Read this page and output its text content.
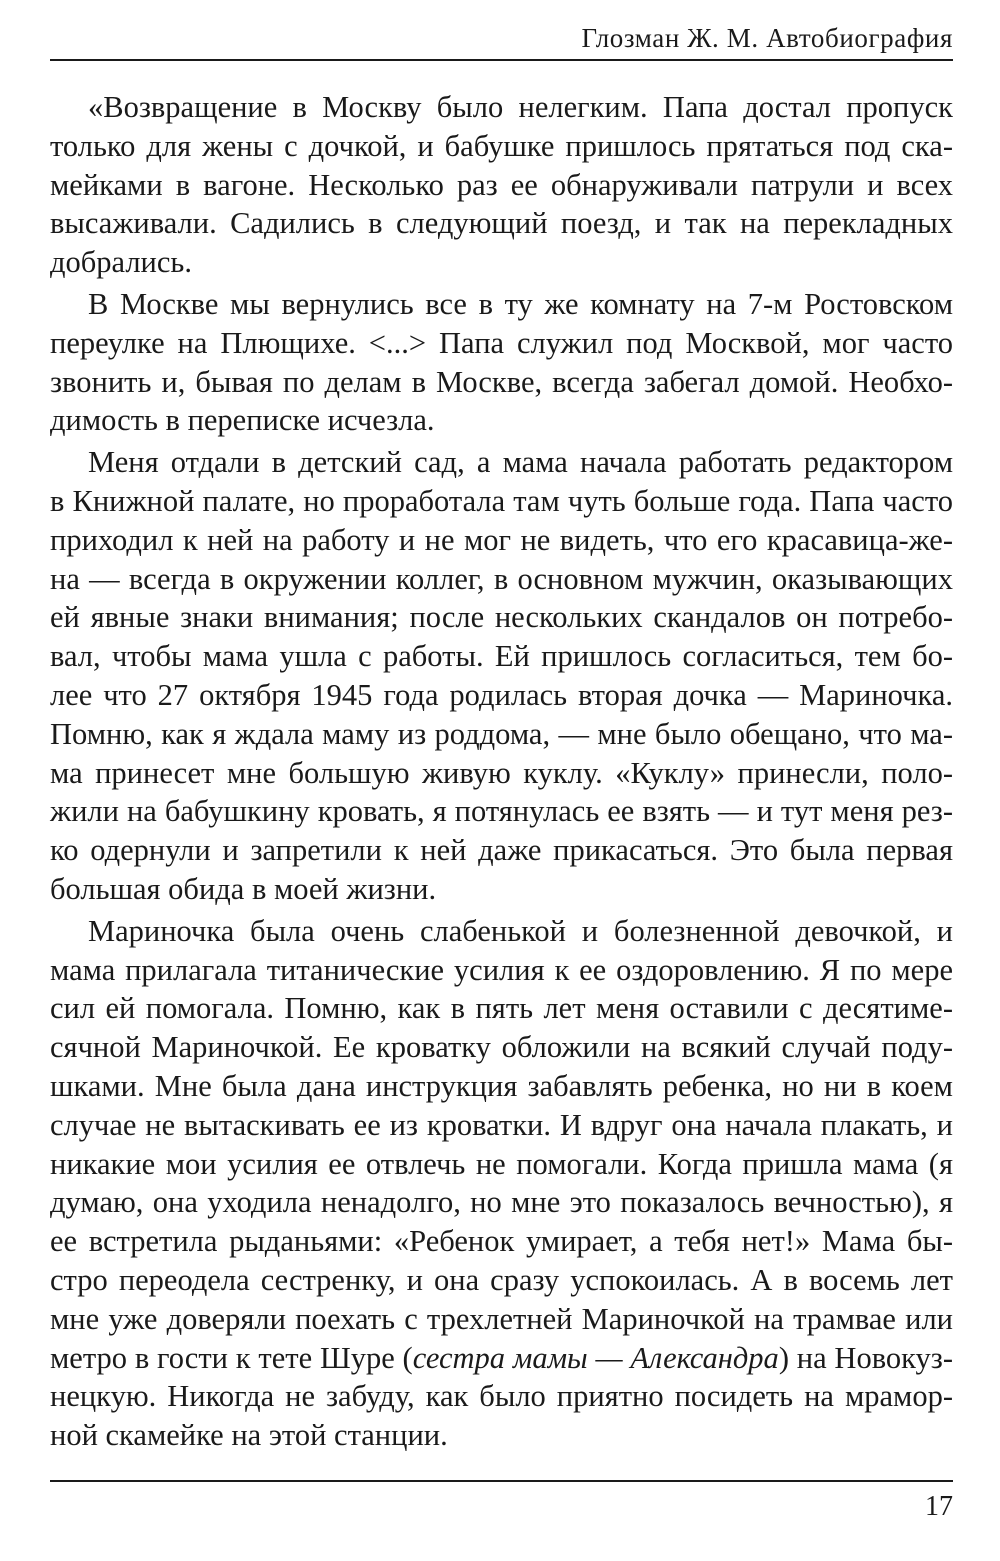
Глозман Ж. М. Автобиография
«Возвращение в Москву было нелегким. Папа достал пропуск
только для жены с дочкой, и бабушке пришлось прятаться под ска-
мейками в вагоне. Несколько раз ее обнаруживали патрули и всех
высаживали. Садились в следующий поезд, и так на перекладных
добрались.
В Москве мы вернулись все в ту же комнату на 7-м Ростовском
переулке на Плющихе. <...> Папа служил под Москвой, мог часто
звонить и, бывая по делам в Москве, всегда забегал домой. Необхо-
димость в переписке исчезла.
Меня отдали в детский сад, а мама начала работать редактором
в Книжной палате, но проработала там чуть больше года. Папа часто
приходил к ней на работу и не мог не видеть, что его красавица-же-
на — всегда в окружении коллег, в основном мужчин, оказывающих
ей явные знаки внимания; после нескольких скандалов он потребо-
вал, чтобы мама ушла с работы. Ей пришлось согласиться, тем бо-
лее что 27 октября 1945 года родилась вторая дочка — Мариночка.
Помню, как я ждала маму из роддома, — мне было обещано, что ма-
ма принесет мне большую живую куклу. «Куклу» принесли, поло-
жили на бабушкину кровать, я потянулась ее взять — и тут меня рез-
ко одернули и запретили к ней даже прикасаться. Это была первая
большая обида в моей жизни.
Мариночка была очень слабенькой и болезненной девочкой, и
мама прилагала титанические усилия к ее оздоровлению. Я по мере
сил ей помогала. Помню, как в пять лет меня оставили с десятиме-
сячной Мариночкой. Ее кроватку обложили на всякий случай поду-
шками. Мне была дана инструкция забавлять ребенка, но ни в коем
случае не вытаскивать ее из кроватки. И вдруг она начала плакать, и
никакие мои усилия ее отвлечь не помогали. Когда пришла мама (я
думаю, она уходила ненадолго, но мне это показалось вечностью), я
ее встретила рыданьями: «Ребенок умирает, а тебя нет!» Мама бы-
стро переодела сестренку, и она сразу успокоилась. А в восемь лет
мне уже доверяли поехать с трехлетней Мариночкой на трамвае или
метро в гости к тете Шуре (сестра мамы — Александра) на Новокуз-
нецкую. Никогда не забуду, как было приятно посидеть на мрамор-
ной скамейке на этой станции.
17
